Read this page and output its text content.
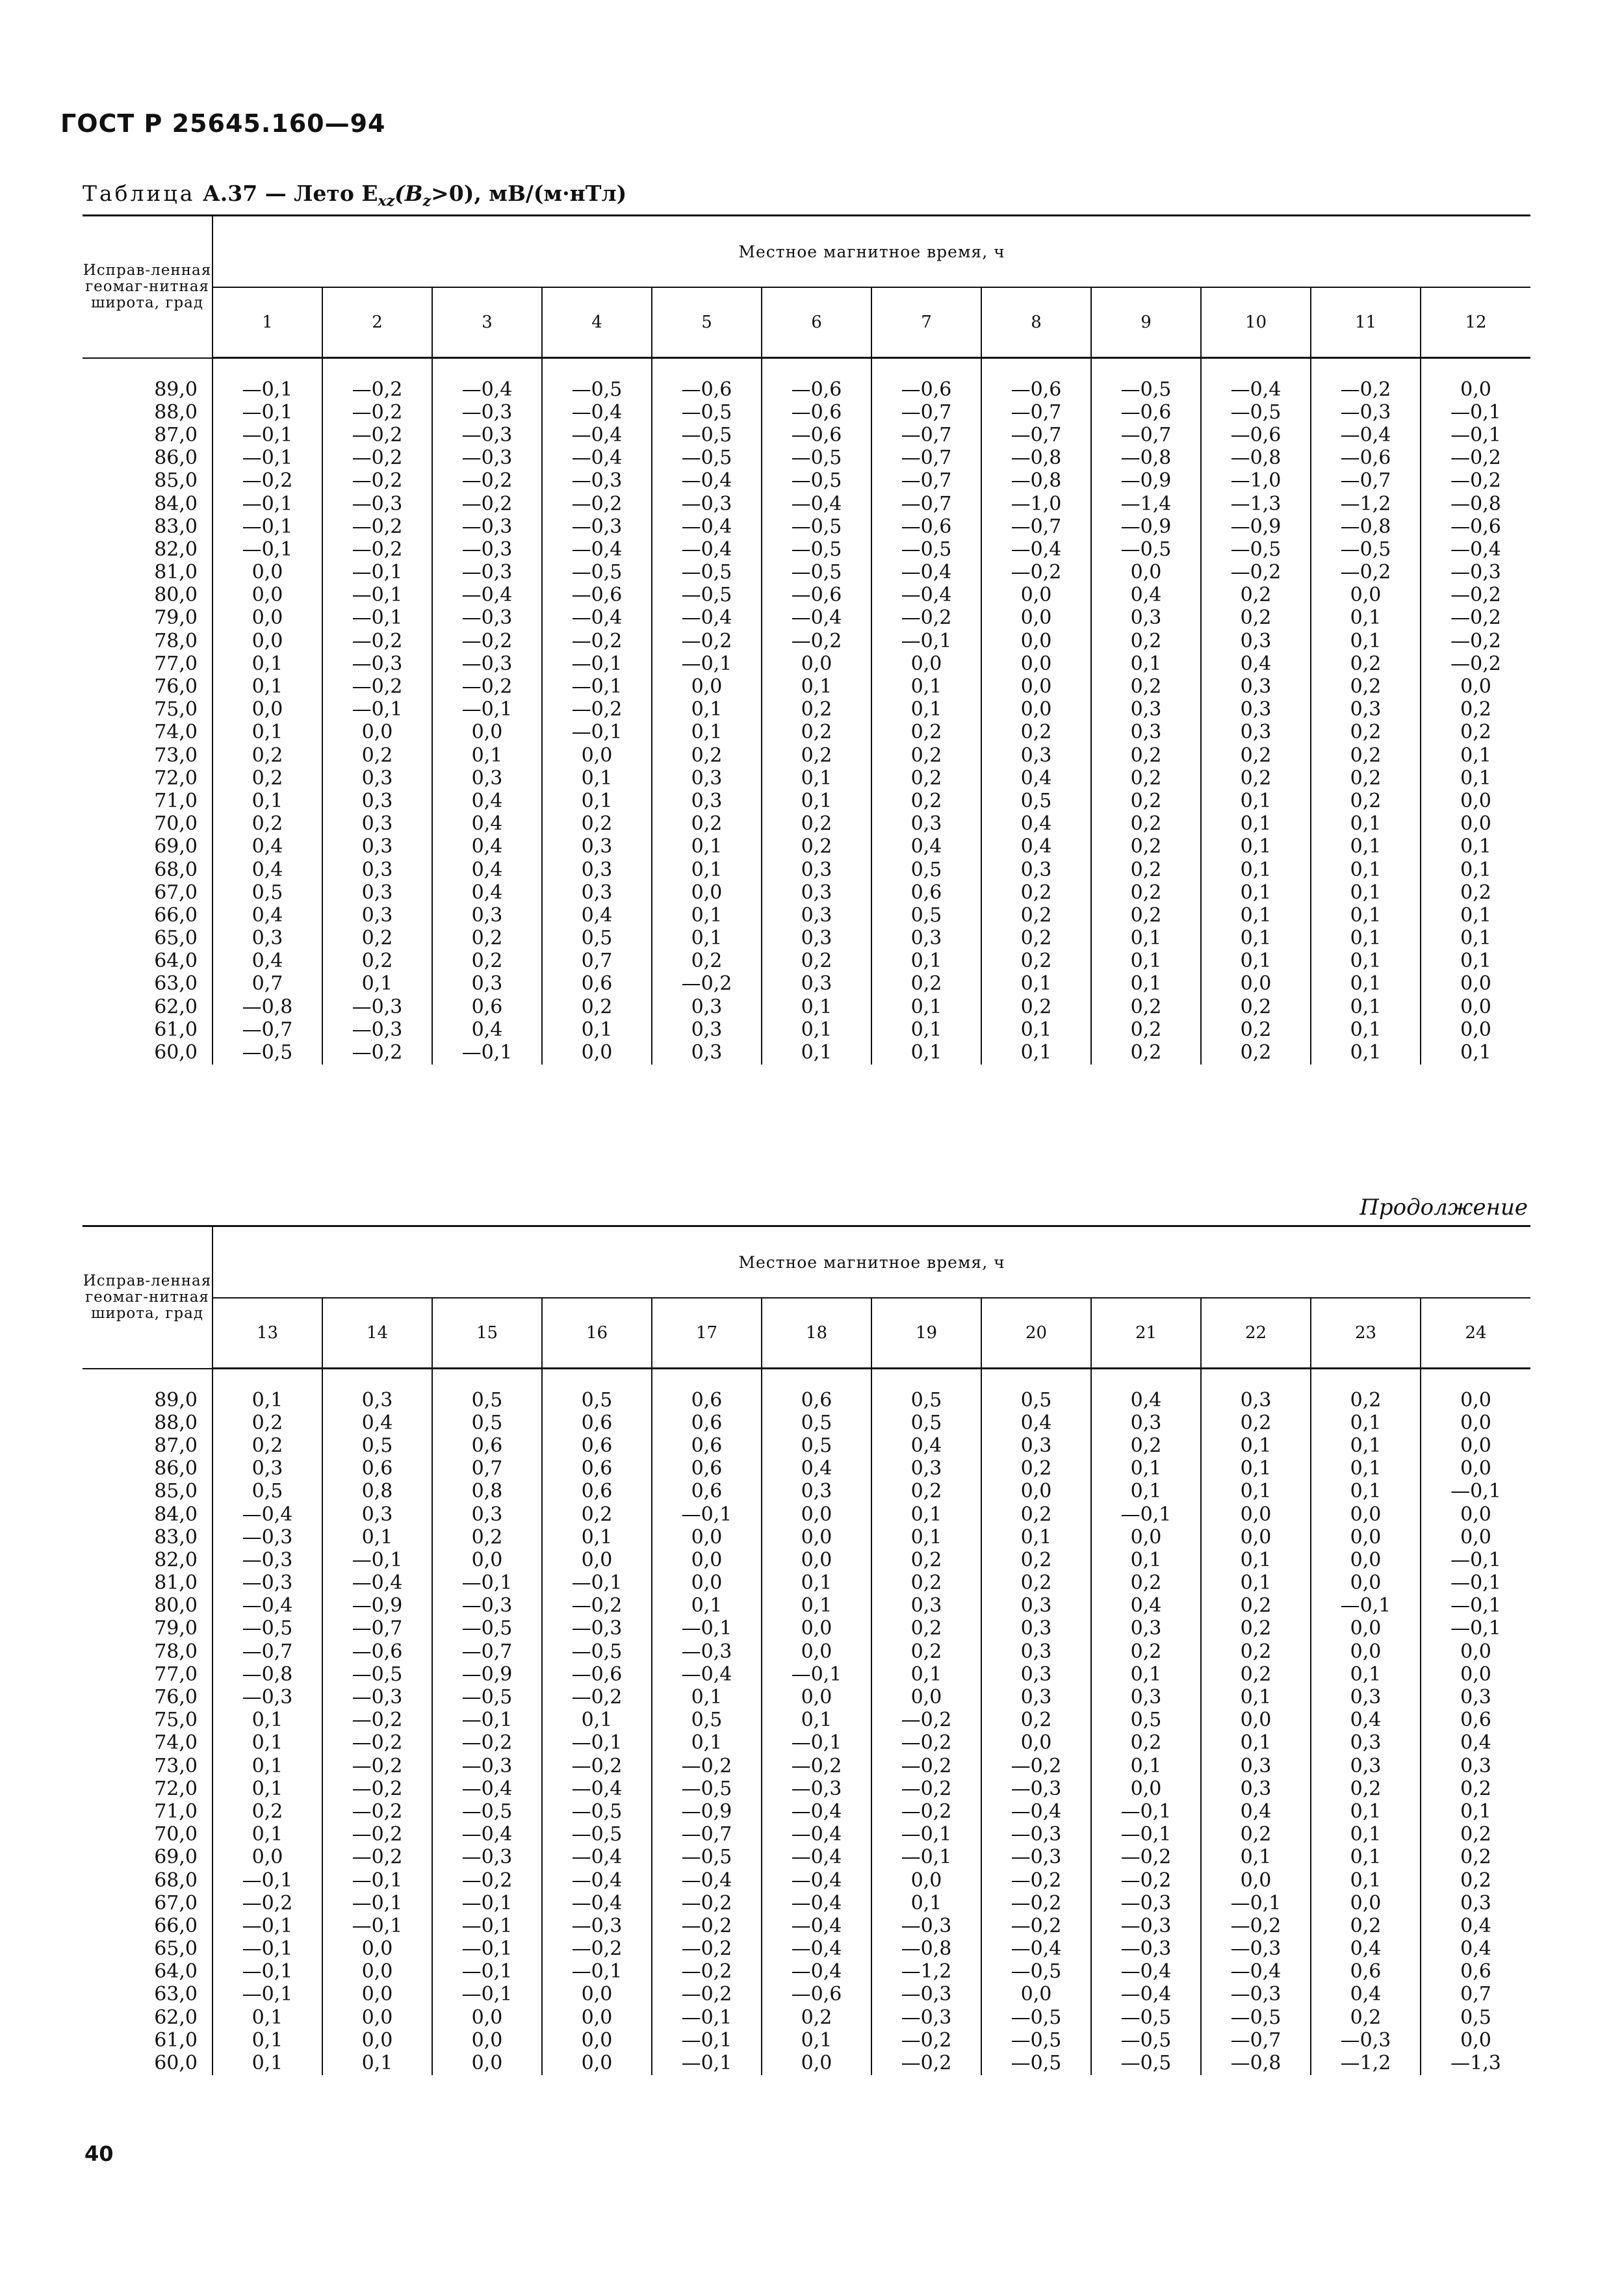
ГОСТ Р 25645.160—94
Таблица А.37 — Лето $E_{xz}(B_z>0)$, мВ/(м·нТл)
Исправ-ленная геомаг-нитная широта, град	Местное магнитное время, ч											
	1	2	3	4	5	6	7	8	9	10	11	12

89,0	—0,1	—0,2	—0,4	—0,5	—0,6	—0,6	—0,6	—0,6	—0,5	—0,4	—0,2	0,0
88,0	—0,1	—0,2	—0,3	—0,4	—0,5	—0,6	—0,7	—0,7	—0,6	—0,5	—0,3	—0,1
87,0	—0,1	—0,2	—0,3	—0,4	—0,5	—0,6	—0,7	—0,7	—0,7	—0,6	—0,4	—0,1
86,0	—0,1	—0,2	—0,3	—0,4	—0,5	—0,5	—0,7	—0,8	—0,8	—0,8	—0,6	—0,2
85,0	—0,2	—0,2	—0,2	—0,3	—0,4	—0,5	—0,7	—0,8	—0,9	—1,0	—0,7	—0,2
84,0	—0,1	—0,3	—0,2	—0,2	—0,3	—0,4	—0,7	—1,0	—1,4	—1,3	—1,2	—0,8
83,0	—0,1	—0,2	—0,3	—0,3	—0,4	—0,5	—0,6	—0,7	—0,9	—0,9	—0,8	—0,6
82,0	—0,1	—0,2	—0,3	—0,4	—0,4	—0,5	—0,5	—0,4	—0,5	—0,5	—0,5	—0,4
81,0	0,0	—0,1	—0,3	—0,5	—0,5	—0,5	—0,4	—0,2	0,0	—0,2	—0,2	—0,3
80,0	0,0	—0,1	—0,4	—0,6	—0,5	—0,6	—0,4	0,0	0,4	0,2	0,0	—0,2
79,0	0,0	—0,1	—0,3	—0,4	—0,4	—0,4	—0,2	0,0	0,3	0,2	0,1	—0,2
78,0	0,0	—0,2	—0,2	—0,2	—0,2	—0,2	—0,1	0,0	0,2	0,3	0,1	—0,2
77,0	0,1	—0,3	—0,3	—0,1	—0,1	0,0	0,0	0,0	0,1	0,4	0,2	—0,2
76,0	0,1	—0,2	—0,2	—0,1	0,0	0,1	0,1	0,0	0,2	0,3	0,2	0,0
75,0	0,0	—0,1	—0,1	—0,2	0,1	0,2	0,1	0,0	0,3	0,3	0,3	0,2
74,0	0,1	0,0	0,0	—0,1	0,1	0,2	0,2	0,2	0,3	0,3	0,2	0,2
73,0	0,2	0,2	0,1	0,0	0,2	0,2	0,2	0,3	0,2	0,2	0,2	0,1
72,0	0,2	0,3	0,3	0,1	0,3	0,1	0,2	0,4	0,2	0,2	0,2	0,1
71,0	0,1	0,3	0,4	0,1	0,3	0,1	0,2	0,5	0,2	0,1	0,2	0,0
70,0	0,2	0,3	0,4	0,2	0,2	0,2	0,3	0,4	0,2	0,1	0,1	0,0
69,0	0,4	0,3	0,4	0,3	0,1	0,2	0,4	0,4	0,2	0,1	0,1	0,1
68,0	0,4	0,3	0,4	0,3	0,1	0,3	0,5	0,3	0,2	0,1	0,1	0,1
67,0	0,5	0,3	0,4	0,3	0,0	0,3	0,6	0,2	0,2	0,1	0,1	0,2
66,0	0,4	0,3	0,3	0,4	0,1	0,3	0,5	0,2	0,2	0,1	0,1	0,1
65,0	0,3	0,2	0,2	0,5	0,1	0,3	0,3	0,2	0,1	0,1	0,1	0,1
64,0	0,4	0,2	0,2	0,7	0,2	0,2	0,1	0,2	0,1	0,1	0,1	0,1
63,0	0,7	0,1	0,3	0,6	—0,2	0,3	0,2	0,1	0,1	0,0	0,1	0,0
62,0	—0,8	—0,3	0,6	0,2	0,3	0,1	0,1	0,2	0,2	0,2	0,1	0,0
61,0	—0,7	—0,3	0,4	0,1	0,3	0,1	0,1	0,1	0,2	0,2	0,1	0,0
60,0	—0,5	—0,2	—0,1	0,0	0,3	0,1	0,1	0,1	0,2	0,2	0,1	0,1
Продолжение
Исправ-ленная геомаг-нитная широта, град	Местное магнитное время, ч											
	13	14	15	16	17	18	19	20	21	22	23	24

89,0	0,1	0,3	0,5	0,5	0,6	0,6	0,5	0,5	0,4	0,3	0,2	0,0
88,0	0,2	0,4	0,5	0,6	0,6	0,5	0,5	0,4	0,3	0,2	0,1	0,0
87,0	0,2	0,5	0,6	0,6	0,6	0,5	0,4	0,3	0,2	0,1	0,1	0,0
86,0	0,3	0,6	0,7	0,6	0,6	0,4	0,3	0,2	0,1	0,1	0,1	0,0
85,0	0,5	0,8	0,8	0,6	0,6	0,3	0,2	0,0	0,1	0,1	0,1	—0,1
84,0	—0,4	0,3	0,3	0,2	—0,1	0,0	0,1	0,2	—0,1	0,0	0,0	0,0
83,0	—0,3	0,1	0,2	0,1	0,0	0,0	0,1	0,1	0,0	0,0	0,0	0,0
82,0	—0,3	—0,1	0,0	0,0	0,0	0,0	0,2	0,2	0,1	0,1	0,0	—0,1
81,0	—0,3	—0,4	—0,1	—0,1	0,0	0,1	0,2	0,2	0,2	0,1	0,0	—0,1
80,0	—0,4	—0,9	—0,3	—0,2	0,1	0,1	0,3	0,3	0,4	0,2	—0,1	—0,1
79,0	—0,5	—0,7	—0,5	—0,3	—0,1	0,0	0,2	0,3	0,3	0,2	0,0	—0,1
78,0	—0,7	—0,6	—0,7	—0,5	—0,3	0,0	0,2	0,3	0,2	0,2	0,0	0,0
77,0	—0,8	—0,5	—0,9	—0,6	—0,4	—0,1	0,1	0,3	0,1	0,2	0,1	0,0
76,0	—0,3	—0,3	—0,5	—0,2	0,1	0,0	0,0	0,3	0,3	0,1	0,3	0,3
75,0	0,1	—0,2	—0,1	0,1	0,5	0,1	—0,2	0,2	0,5	0,0	0,4	0,6
74,0	0,1	—0,2	—0,2	—0,1	0,1	—0,1	—0,2	0,0	0,2	0,1	0,3	0,4
73,0	0,1	—0,2	—0,3	—0,2	—0,2	—0,2	—0,2	—0,2	0,1	0,3	0,3	0,3
72,0	0,1	—0,2	—0,4	—0,4	—0,5	—0,3	—0,2	—0,3	0,0	0,3	0,2	0,2
71,0	0,2	—0,2	—0,5	—0,5	—0,9	—0,4	—0,2	—0,4	—0,1	0,4	0,1	0,1
70,0	0,1	—0,2	—0,4	—0,5	—0,7	—0,4	—0,1	—0,3	—0,1	0,2	0,1	0,2
69,0	0,0	—0,2	—0,3	—0,4	—0,5	—0,4	—0,1	—0,3	—0,2	0,1	0,1	0,2
68,0	—0,1	—0,1	—0,2	—0,4	—0,4	—0,4	0,0	—0,2	—0,2	0,0	0,1	0,2
67,0	—0,2	—0,1	—0,1	—0,4	—0,2	—0,4	0,1	—0,2	—0,3	—0,1	0,0	0,3
66,0	—0,1	—0,1	—0,1	—0,3	—0,2	—0,4	—0,3	—0,2	—0,3	—0,2	0,2	0,4
65,0	—0,1	0,0	—0,1	—0,2	—0,2	—0,4	—0,8	—0,4	—0,3	—0,3	0,4	0,4
64,0	—0,1	0,0	—0,1	—0,1	—0,2	—0,4	—1,2	—0,5	—0,4	—0,4	0,6	0,6
63,0	—0,1	0,0	—0,1	0,0	—0,2	—0,6	—0,3	0,0	—0,4	—0,3	0,4	0,7
62,0	0,1	0,0	0,0	0,0	—0,1	0,2	—0,3	—0,5	—0,5	—0,5	0,2	0,5
61,0	0,1	0,0	0,0	0,0	—0,1	0,1	—0,2	—0,5	—0,5	—0,7	—0,3	0,0
60,0	0,1	0,1	0,0	0,0	—0,1	0,0	—0,2	—0,5	—0,5	—0,8	—1,2	—1,3
40
